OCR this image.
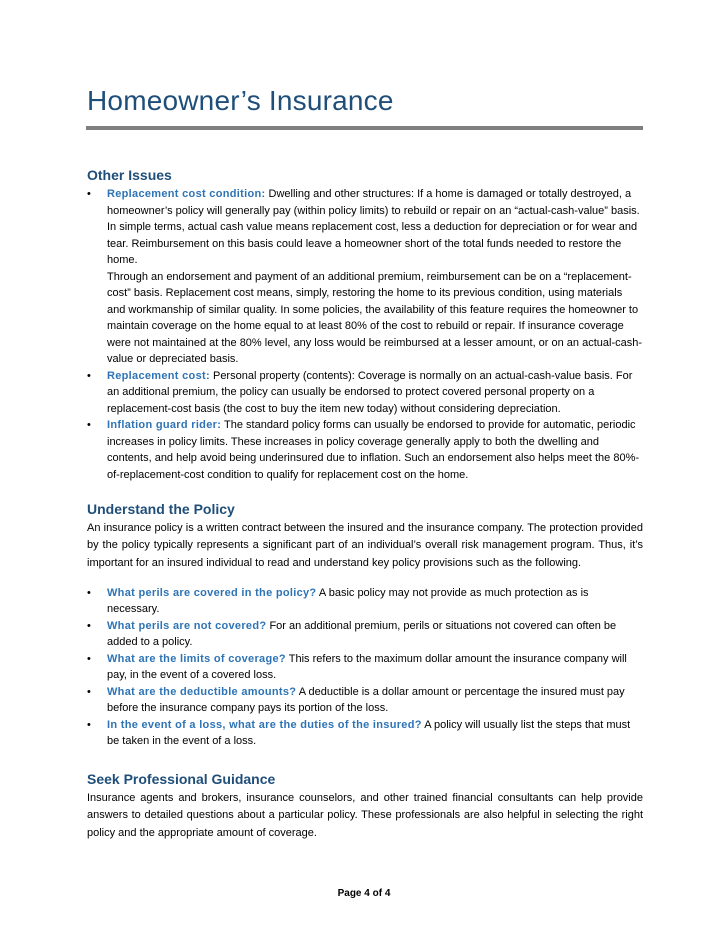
Homeowner’s Insurance
Other Issues
•	Replacement cost condition: Dwelling and other structures: If a home is damaged or totally destroyed, a homeowner’s policy will generally pay (within policy limits) to rebuild or repair on an “actual-cash-value” basis. In simple terms, actual cash value means replacement cost, less a deduction for depreciation or for wear and tear. Reimbursement on this basis could leave a homeowner short of the total funds needed to restore the home.
Through an endorsement and payment of an additional premium, reimbursement can be on a “replacement-cost” basis. Replacement cost means, simply, restoring the home to its previous condition, using materials and workmanship of similar quality. In some policies, the availability of this feature requires the homeowner to maintain coverage on the home equal to at least 80% of the cost to rebuild or repair. If insurance coverage were not maintained at the 80% level, any loss would be reimbursed at a lesser amount, or on an actual-cash-value or depreciated basis.
•	Replacement cost: Personal property (contents): Coverage is normally on an actual-cash-value basis. For an additional premium, the policy can usually be endorsed to protect covered personal property on a replacement-cost basis (the cost to buy the item new today) without considering depreciation.
•	Inflation guard rider: The standard policy forms can usually be endorsed to provide for automatic, periodic increases in policy limits. These increases in policy coverage generally apply to both the dwelling and contents, and help avoid being underinsured due to inflation. Such an endorsement also helps meet the 80%-of-replacement-cost condition to qualify for replacement cost on the home.
Understand the Policy

An insurance policy is a written contract between the insured and the insurance company. The protection provided by the policy typically represents a significant part of an individual’s overall risk management program. Thus, it’s important for an insured individual to read and understand key policy provisions such as the following.

•	What perils are covered in the policy? A basic policy may not provide as much protection as is necessary.
•	What perils are not covered? For an additional premium, perils or situations not covered can often be added to a policy.
•	What are the limits of coverage? This refers to the maximum dollar amount the insurance company will pay, in the event of a covered loss.
•	What are the deductible amounts? A deductible is a dollar amount or percentage the insured must pay before the insurance company pays its portion of the loss.
•	In the event of a loss, what are the duties of the insured? A policy will usually list the steps that must be taken in the event of a loss.
Seek Professional Guidance

Insurance agents and brokers, insurance counselors, and other trained financial consultants can help provide answers to detailed questions about a particular policy. These professionals are also helpful in selecting the right policy and the appropriate amount of coverage.

Page 4 of 4
